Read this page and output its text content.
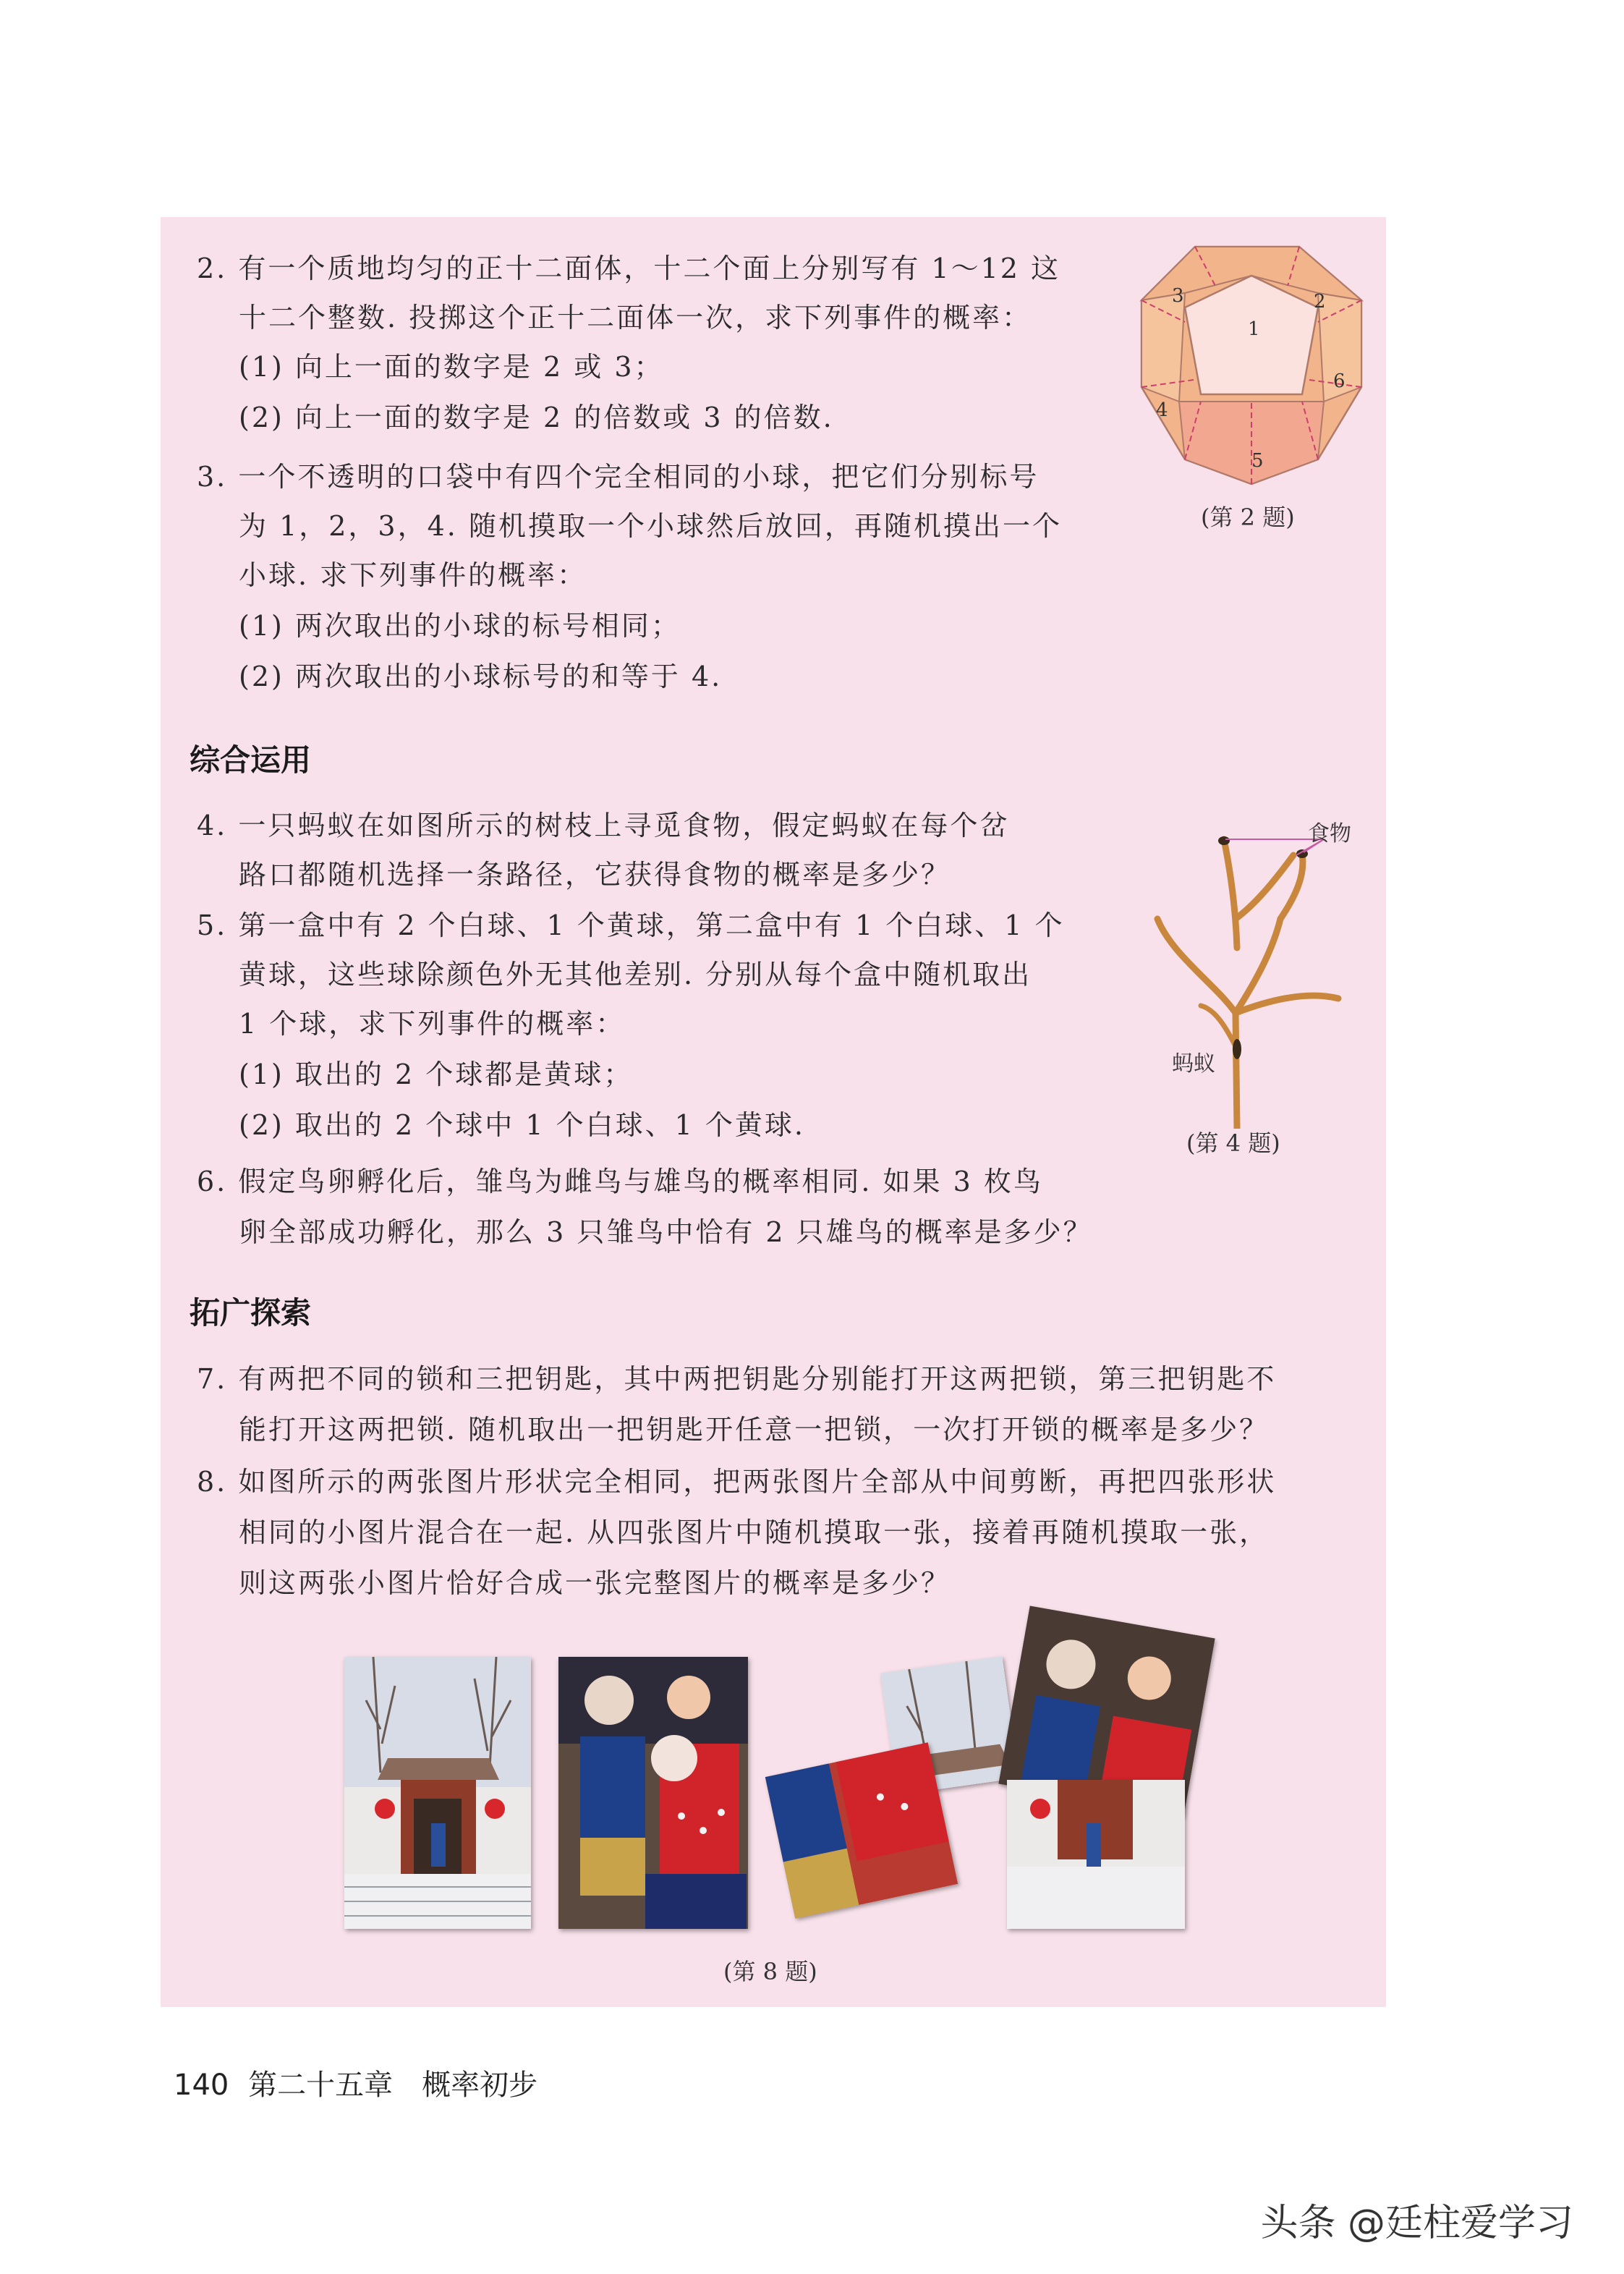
2. 有一个质地均匀的正十二面体，十二个面上分别写有 1～12 这
十二个整数. 投掷这个正十二面体一次，求下列事件的概率：
(1) 向上一面的数字是 2 或 3；
(2) 向上一面的数字是 2 的倍数或 3 的倍数.
1
2
3
4
5
6
(第 2 题)
3. 一个不透明的口袋中有四个完全相同的小球，把它们分别标号
为 1，2，3，4. 随机摸取一个小球然后放回，再随机摸出一个
小球. 求下列事件的概率：
(1) 两次取出的小球的标号相同；
(2) 两次取出的小球标号的和等于 4.
综合运用
4. 一只蚂蚁在如图所示的树枝上寻觅食物，假定蚂蚁在每个岔
路口都随机选择一条路径，它获得食物的概率是多少？
食物
蚂蚁
(第 4 题)
5. 第一盒中有 2 个白球、1 个黄球，第二盒中有 1 个白球、1 个
黄球，这些球除颜色外无其他差别. 分别从每个盒中随机取出
1 个球，求下列事件的概率：
(1) 取出的 2 个球都是黄球；
(2) 取出的 2 个球中 1 个白球、1 个黄球.
6. 假定鸟卵孵化后，雏鸟为雌鸟与雄鸟的概率相同. 如果 3 枚鸟
卵全部成功孵化，那么 3 只雏鸟中恰有 2 只雄鸟的概率是多少？
拓广探索
7. 有两把不同的锁和三把钥匙，其中两把钥匙分别能打开这两把锁，第三把钥匙不
能打开这两把锁. 随机取出一把钥匙开任意一把锁，一次打开锁的概率是多少？
8. 如图所示的两张图片形状完全相同，把两张图片全部从中间剪断，再把四张形状
相同的小图片混合在一起. 从四张图片中随机摸取一张，接着再随机摸取一张，
则这两张小图片恰好合成一张完整图片的概率是多少？
(第 8 题)
140 第二十五章　概率初步
头条 @廷柱爱学习
